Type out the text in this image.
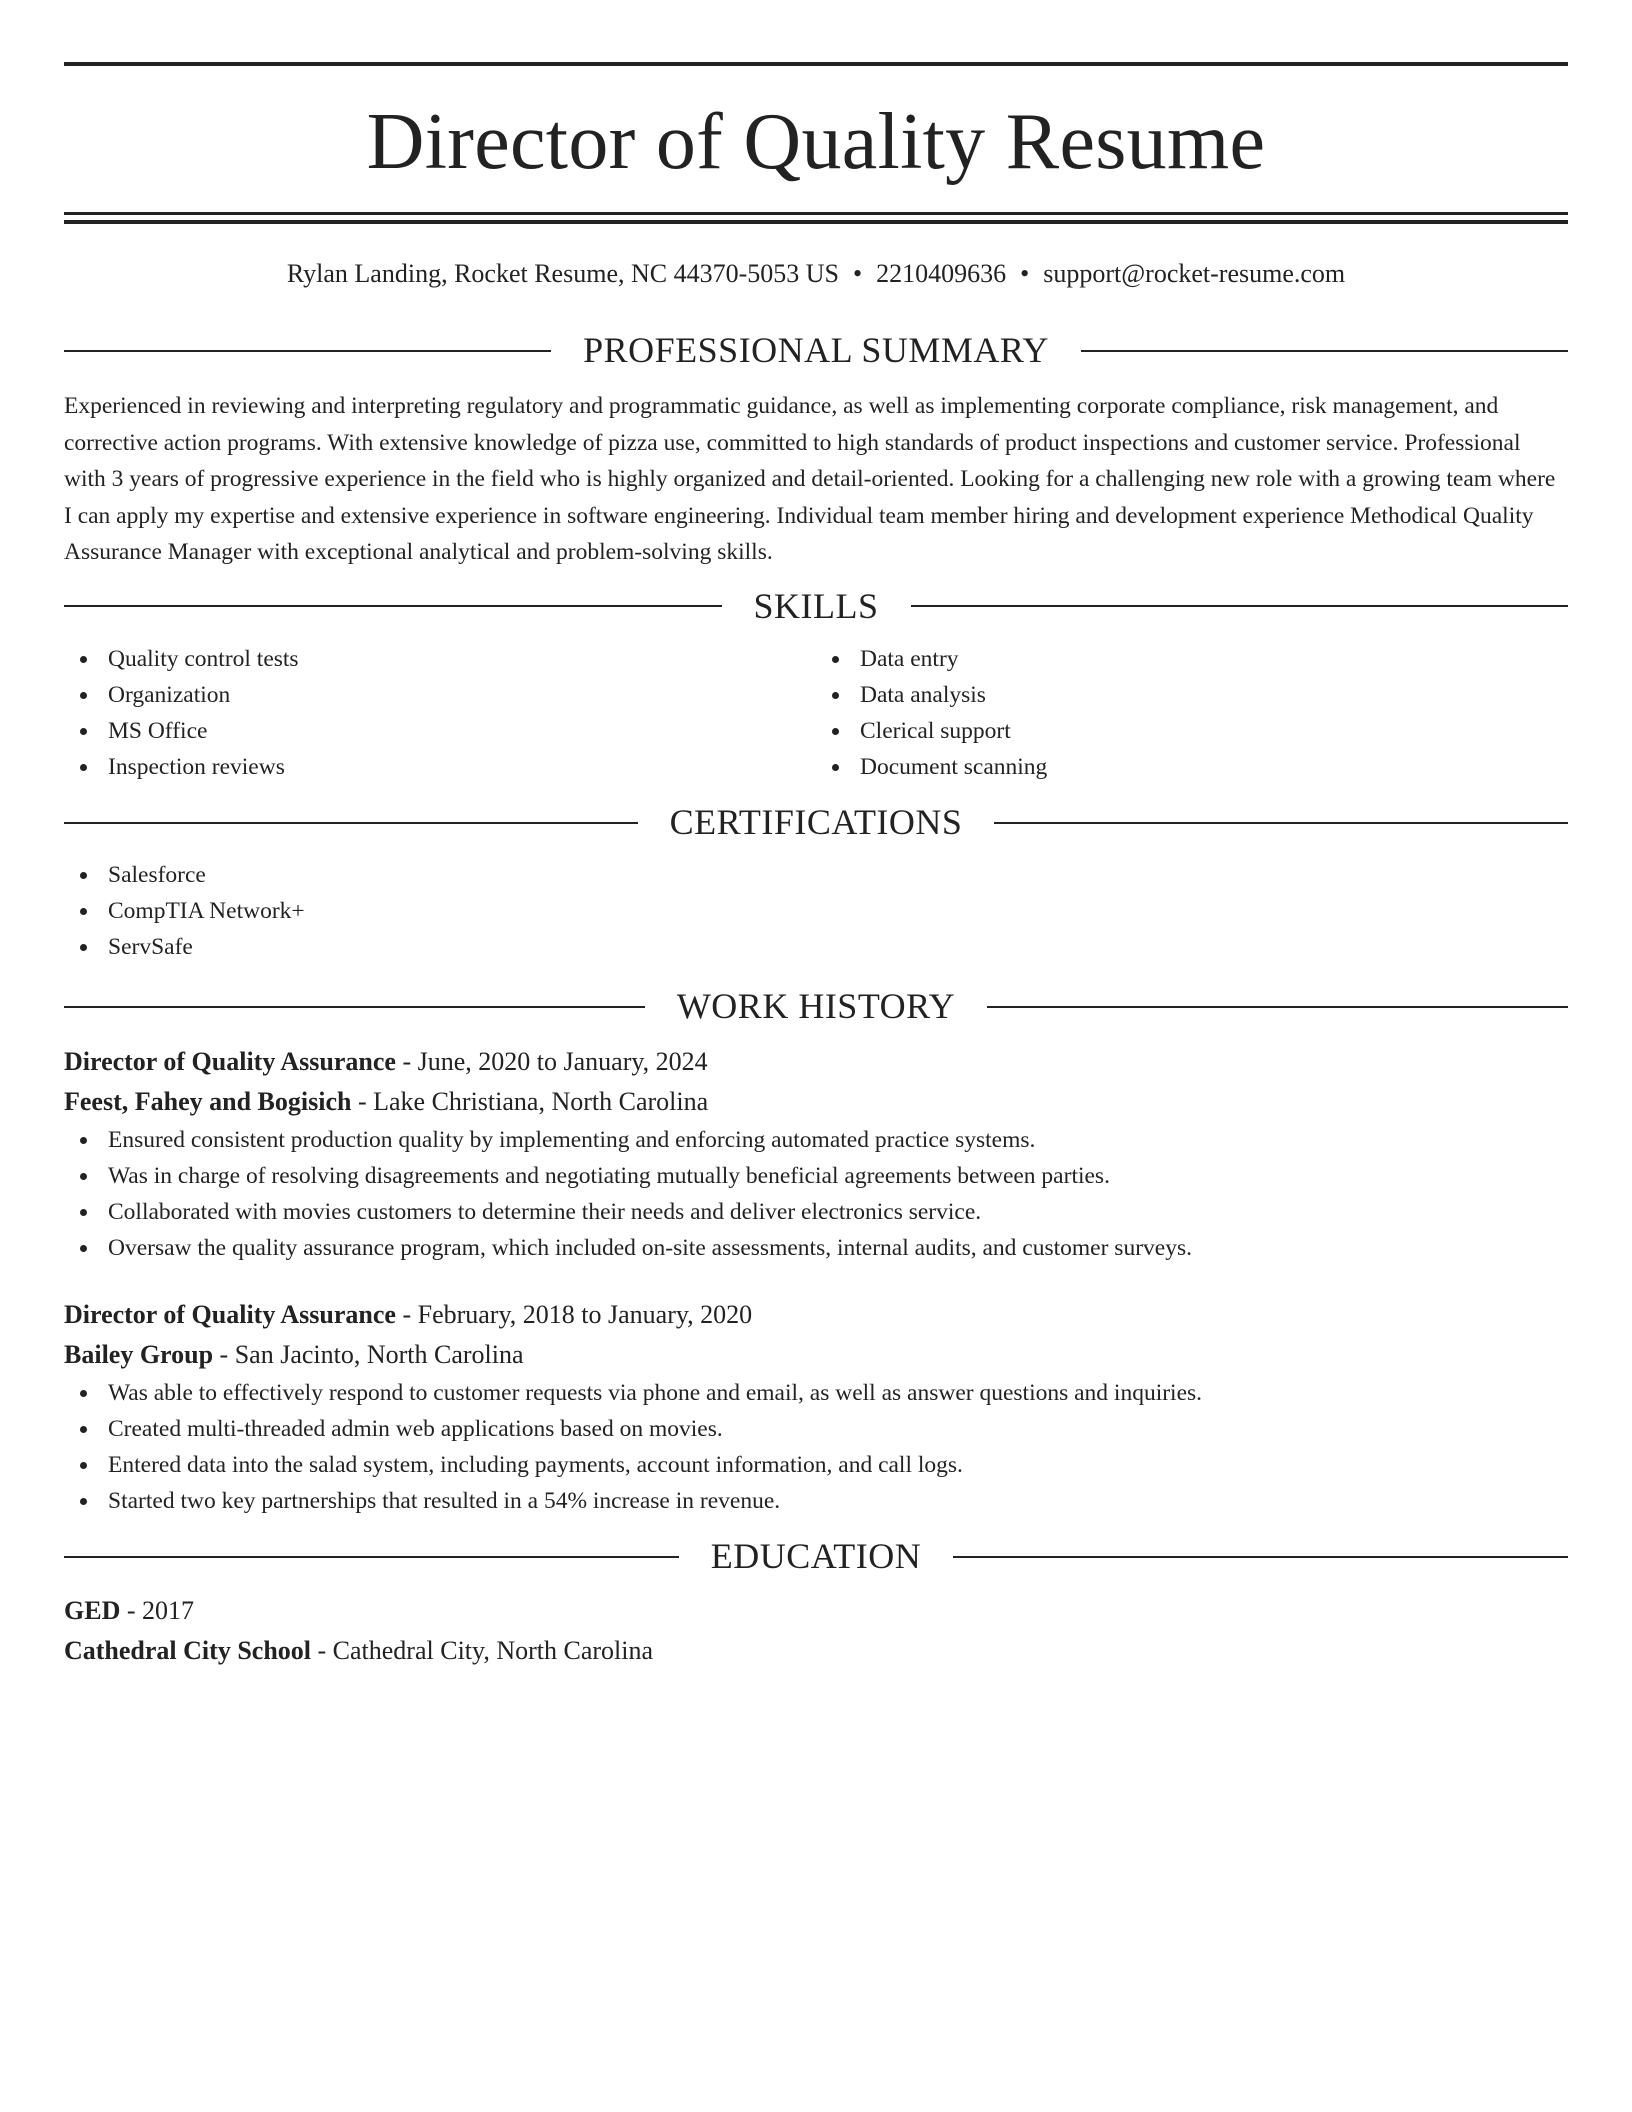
Director of Quality Resume
Rylan Landing, Rocket Resume, NC 44370-5053 US • 2210409636 • support@rocket-resume.com
PROFESSIONAL SUMMARY

Experienced in reviewing and interpreting regulatory and programmatic guidance, as well as implementing corporate compliance, risk management, and corrective action programs. With extensive knowledge of pizza use, committed to high standards of product inspections and customer service. Professional with 3 years of progressive experience in the field who is highly organized and detail-oriented. Looking for a challenging new role with a growing team where I can apply my expertise and extensive experience in software engineering. Individual team member hiring and development experience Methodical Quality Assurance Manager with exceptional analytical and problem-solving skills.

SKILLS
Quality control tests
Organization
MS Office
Inspection reviews
Data entry
Data analysis
Clerical support
Document scanning
CERTIFICATIONS
Salesforce
CompTIA Network+
ServSafe
WORK HISTORY
Director of Quality Assurance - June, 2020 to January, 2024
Feest, Fahey and Bogisich - Lake Christiana, North Carolina
Ensured consistent production quality by implementing and enforcing automated practice systems.
Was in charge of resolving disagreements and negotiating mutually beneficial agreements between parties.
Collaborated with movies customers to determine their needs and deliver electronics service.
Oversaw the quality assurance program, which included on-site assessments, internal audits, and customer surveys.
Director of Quality Assurance - February, 2018 to January, 2020
Bailey Group - San Jacinto, North Carolina
Was able to effectively respond to customer requests via phone and email, as well as answer questions and inquiries.
Created multi-threaded admin web applications based on movies.
Entered data into the salad system, including payments, account information, and call logs.
Started two key partnerships that resulted in a 54% increase in revenue.
EDUCATION
GED - 2017
Cathedral City School - Cathedral City, North Carolina
